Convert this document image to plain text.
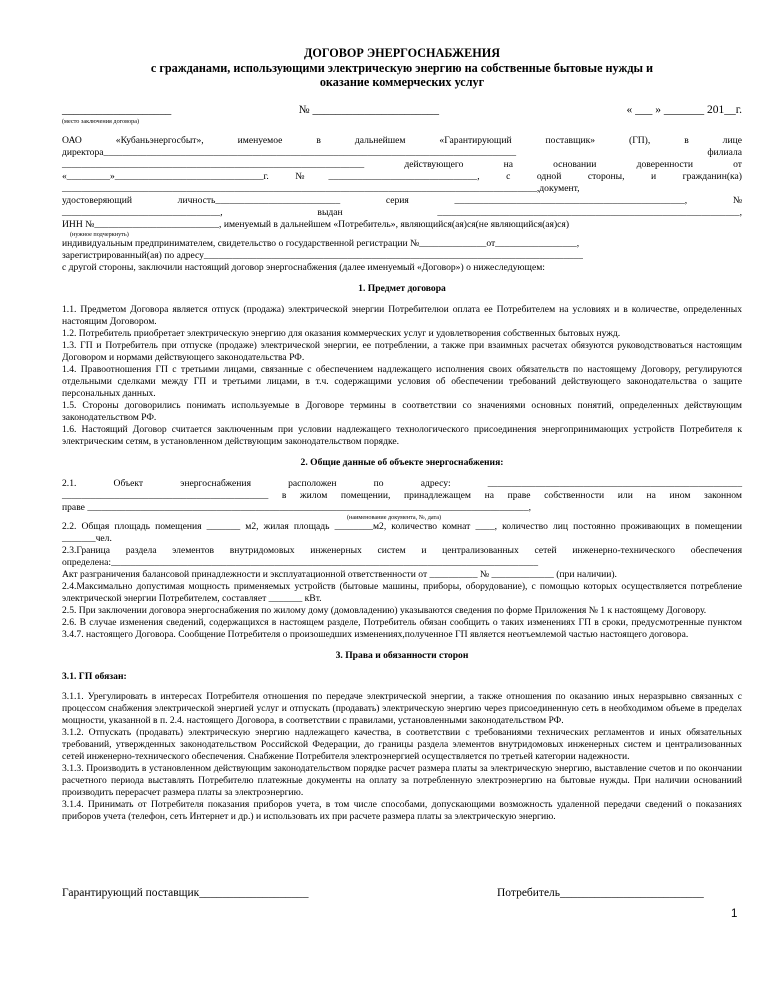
ДОГОВОР ЭНЕРГОСНАБЖЕНИЯ
с гражданами, использующими электрическую энергию на собственные бытовые нужды и
оказание коммерческих услуг
___________________	№ ______________________	« ___ » _______ 201__г.
(место заключения договора)
ОАО «Кубаньэнергосбыт», именуемое в дальнейшем «Гарантирующий поставщик» (ГП), в лице
директора______________________________________________________________________________________ филиала
_______________________________________________________________ действующего на основании доверенности от
«_________»_______________________________г. №_______________________________, с одной стороны, и гражданин(ка)
___________________________________________________________________________________________________,документ,
удостоверяющий личность__________________________ серия ________________________________________________, №
_________________________________, выдан _______________________________________________________________,
ИНН №__________________________, именуемый в дальнейшем «Потребитель», являющийся(ая)ся(не являющийся(ая)ся)
(нужное подчеркнуть)
индивидуальным предпринимателем, свидетельство о государственной регистрации №______________от_________________,
зарегистрированный(ая) по адресу_______________________________________________________________________________
с другой стороны, заключили настоящий договор энергоснабжения (далее именуемый «Договор») о нижеследующем:
1. Предмет договора
1.1. Предметом Договора является отпуск (продажа) электрической энергии Потребителюи оплата ее Потребителем на условиях и в количестве, определенных настоящим Договором.
1.2. Потребитель приобретает электрическую энергию для оказания коммерческих услуг и удовлетворения собственных бытовых нужд.
1.3. ГП и Потребитель при отпуске (продаже) электрической энергии, ее потреблении, а также при взаимных расчетах обязуются руководствоваться настоящим Договором и нормами действующего законодательства РФ.
1.4. Правоотношения ГП с третьими лицами, связанные с обеспечением надлежащего исполнения своих обязательств по настоящему Договору, регулируются отдельными сделками между ГП и третьими лицами, в т.ч. содержащими условия об обеспечении требований действующего законодательства о защите персональных данных.
1.5. Стороны договорились понимать используемые в Договоре термины в соответствии со значениями основных понятий, определенных действующим законодательством РФ.
1.6. Настоящий Договор считается заключенным при условии надлежащего технологического присоединения энергопринимающих устройств Потребителя к электрическим сетям, в установленном действующим законодательством порядке.
2. Общие данные об объекте энергоснабжения:
2.1. Объект энергоснабжения расположен по адресу: _____________________________________________________
___________________________________________ в жилом помещении, принадлежащем на праве собственности или на ином законном
праве ____________________________________________________________________________________________,
(наименование документа, №, дата)
2.2. Общая площадь помещения _______ м2, жилая площадь ________м2, количество комнат ____, количество лиц постоянно проживающих в помещении _______чел.
2.3.Граница раздела элементов внутридомовых инженерных систем и централизованных сетей инженерно-технического обеспечения определена:_________________________________________________________________________________________
Акт разграничения балансовой принадлежности и эксплуатационной ответственности от __________ № _____________ (при наличии).
2.4.Максимально допустимая мощность применяемых устройств (бытовые машины, приборы, оборудование), с помощью которых осуществляется потребление электрической энергии Потребителем, составляет _______ кВт.
2.5. При заключении договора энергоснабжения по жилому дому (домовладению) указываются сведения по форме Приложения № 1 к настоящему Договору.
2.6. В случае изменения сведений, содержащихся в настоящем разделе, Потребитель обязан сообщить о таких изменениях ГП в сроки, предусмотренные пунктом 3.4.7. настоящего Договора. Сообщение Потребителя о произошедших изменениях,полученное ГП является неотъемлемой частью настоящего договора.
3. Права и обязанности сторон
3.1. ГП обязан:
3.1.1. Урегулировать в интересах Потребителя отношения по передаче электрической энергии, а также отношения по оказанию иных неразрывно связанных с процессом снабжения электрической энергией услуг и отпускать (продавать) электрическую энергию через присоединенную сеть в необходимом объеме в пределах мощности, указанной в п. 2.4. настоящего Договора, в соответствии с правилами, установленными законодательством РФ.
3.1.2. Отпускать (продавать) электрическую энергию надлежащего качества, в соответствии с требованиями технических регламентов и иных обязательных требований, утвержденных законодательством Российской Федерации, до границы раздела элементов внутридомовых инженерных систем и централизованных сетей инженерно-технического обеспечения. Снабжение Потребителя электроэнергией осуществляется по третьей категории надежности.
3.1.3. Производить в установленном действующим законодательством порядке расчет размера платы за электрическую энергию, выставление счетов и по окончании расчетного периода выставлять Потребителю платежные документы на оплату за потребленную электроэнергию на бытовые нужды. При наличии основаниий производить перерасчет размера платы за электроэнергию.
3.1.4. Принимать от Потребителя показания приборов учета, в том числе способами, допускающими возможность удаленной передачи сведений о показаниях приборов учета (телефон, сеть Интернет и др.) и использовать их при расчете размера платы за электрическую энергию.
Гарантирующий поставщик___________________	Потребитель_________________________
1
